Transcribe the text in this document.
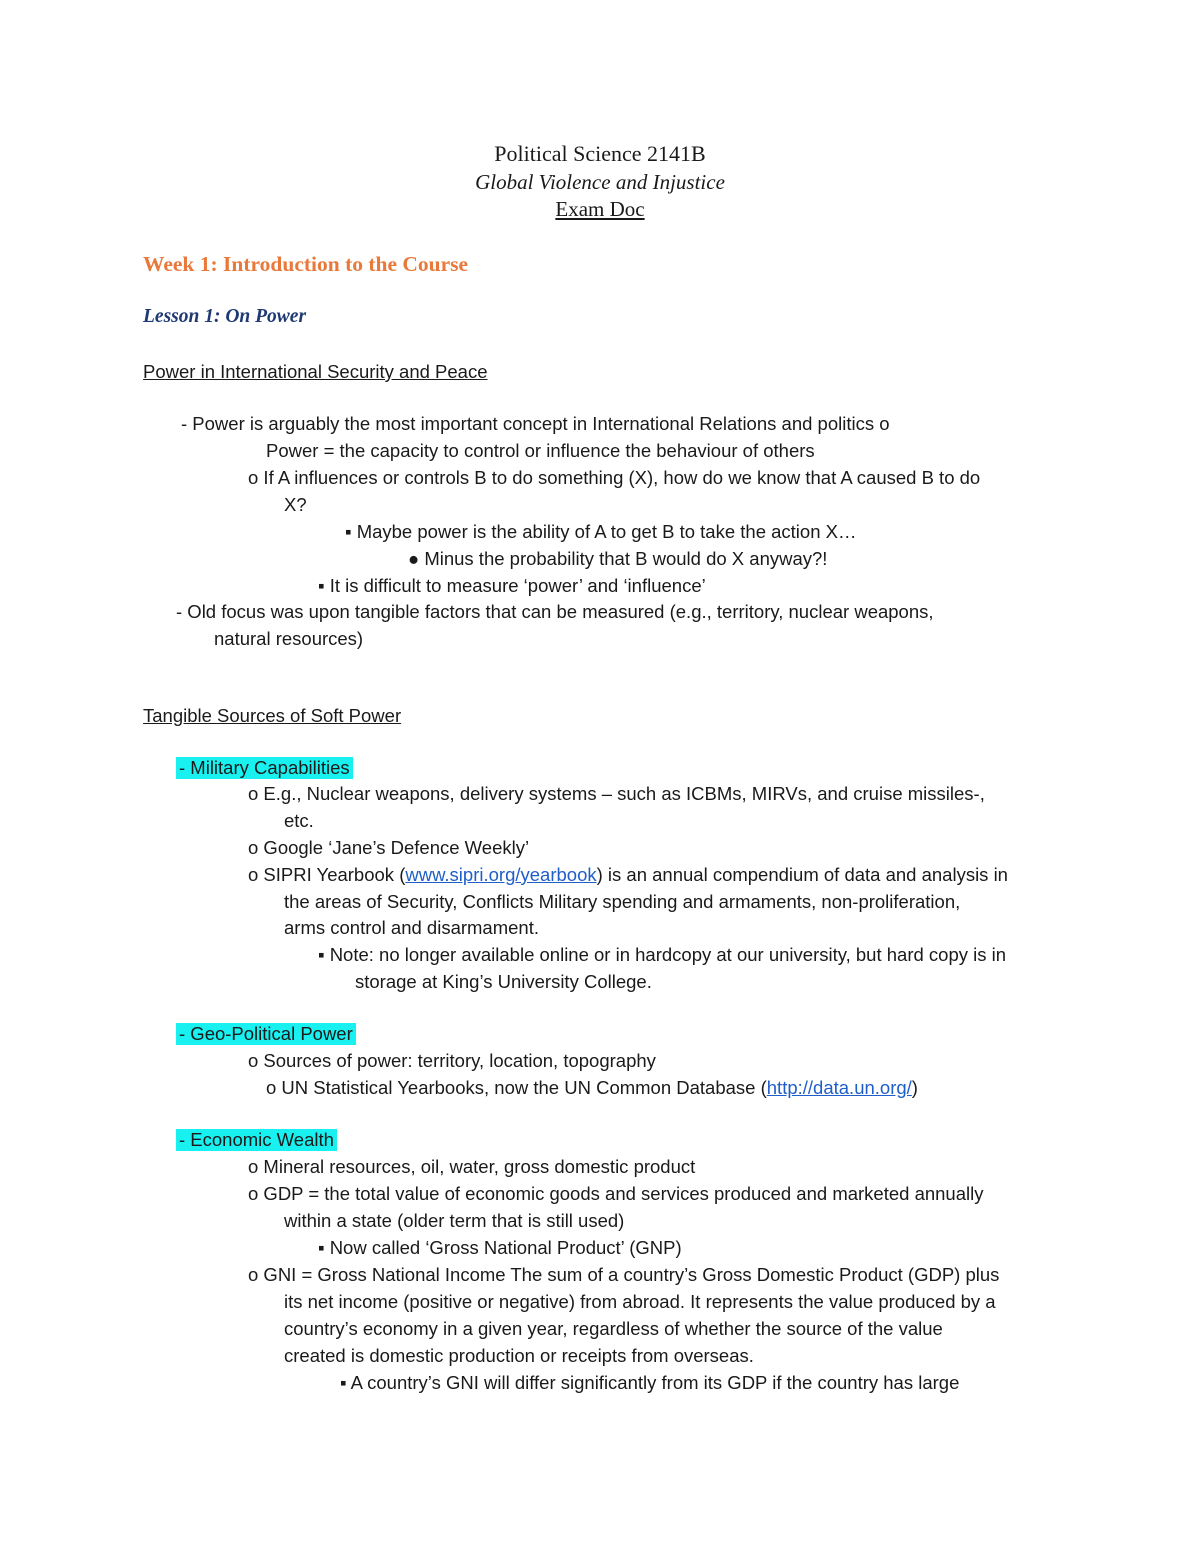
Political Science 2141B
Global Violence and Injustice
Exam Doc
Week 1: Introduction to the Course
Lesson 1: On Power
Power in International Security and Peace
- Power is arguably the most important concept in International Relations and politics o
Power = the capacity to control or influence the behaviour of others
o If A influences or controls B to do something (X), how do we know that A caused B to do
X?
▪ Maybe power is the ability of A to get B to take the action X…
● Minus the probability that B would do X anyway?!
▪ It is difficult to measure ‘power’ and ‘influence’
- Old focus was upon tangible factors that can be measured (e.g., territory, nuclear weapons,
natural resources)
Tangible Sources of Soft Power
- Military Capabilities
o E.g., Nuclear weapons, delivery systems – such as ICBMs, MIRVs, and cruise missiles-,
etc.
o Google ‘Jane’s Defence Weekly’
o SIPRI Yearbook (www.sipri.org/yearbook) is an annual compendium of data and analysis in
the areas of Security, Conflicts Military spending and armaments, non-proliferation,
arms control and disarmament.
▪ Note: no longer available online or in hardcopy at our university, but hard copy is in
storage at King’s University College.
- Geo-Political Power
o Sources of power: territory, location, topography
o UN Statistical Yearbooks, now the UN Common Database (http://data.un.org/)
- Economic Wealth
o Mineral resources, oil, water, gross domestic product
o GDP = the total value of economic goods and services produced and marketed annually
within a state (older term that is still used)
▪ Now called ‘Gross National Product’ (GNP)
o GNI = Gross National Income The sum of a country’s Gross Domestic Product (GDP) plus
its net income (positive or negative) from abroad. It represents the value produced by a
country’s economy in a given year, regardless of whether the source of the value
created is domestic production or receipts from overseas.
▪ A country’s GNI will differ significantly from its GDP if the country has large
